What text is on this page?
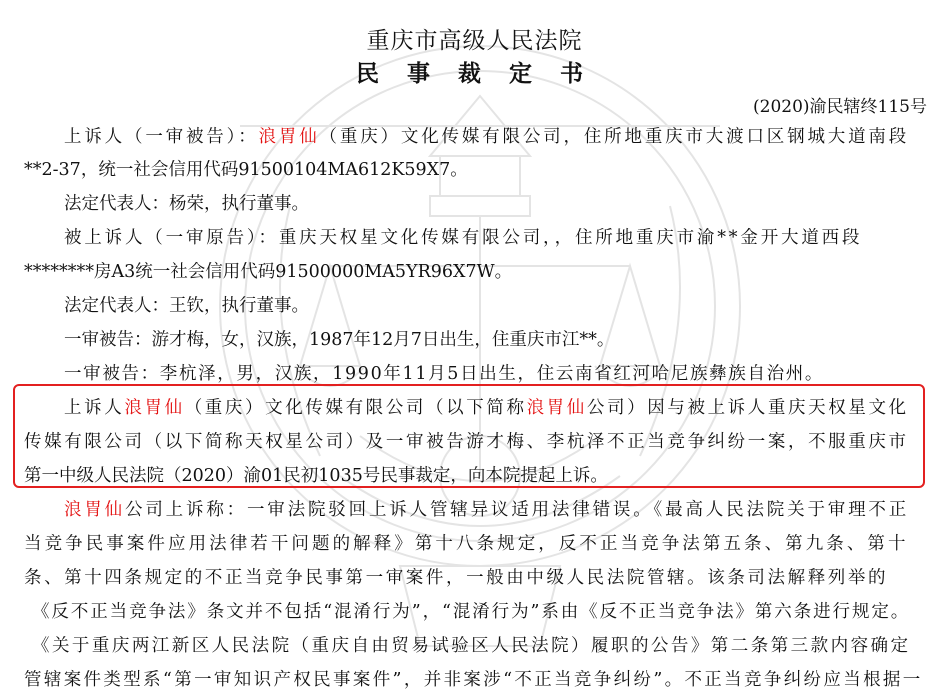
重庆市高级人民法院
民 事 裁 定 书
(2020)渝民辖终115号
上诉人（一审被告）：浪胃仙（重庆）文化传媒有限公司，住所地重庆市大渡口区钢城大道南段
**2-37，统一社会信用代码91500104MA612K59X7。
法定代表人：杨荣，执行董事。
被上诉人（一审原告）：重庆天权星文化传媒有限公司，，住所地重庆市渝**金开大道西段
********房A3统一社会信用代码91500000MA5YR96X7W。
法定代表人：王钦，执行董事。
一审被告：游才梅，女，汉族，1987年12月7日出生，住重庆市江**。
一审被告：李杭泽，男，汉族，1990年11月5日出生，住云南省红河哈尼族彝族自治州。
上诉人浪胃仙（重庆）文化传媒有限公司（以下简称浪胃仙公司）因与被上诉人重庆天权星文化
传媒有限公司（以下简称天权星公司）及一审被告游才梅、李杭泽不正当竞争纠纷一案，不服重庆市
第一中级人民法院（2020）渝01民初1035号民事裁定，向本院提起上诉。
浪胃仙公司上诉称：一审法院驳回上诉人管辖异议适用法律错误。《最高人民法院关于审理不正
当竞争民事案件应用法律若干问题的解释》第十八条规定，反不正当竞争法第五条、第九条、第十
条、第十四条规定的不正当竞争民事第一审案件，一般由中级人民法院管辖。该条司法解释列举的
《反不正当竞争法》条文并不包括“混淆行为”，“混淆行为”系由《反不正当竞争法》第六条进行规定。
《关于重庆两江新区人民法院（重庆自由贸易试验区人民法院）履职的公告》第二条第三款内容确定
管辖案件类型系“第一审知识产权民事案件”，并非案涉“不正当竞争纠纷”。不正当竞争纠纷应当根据一
